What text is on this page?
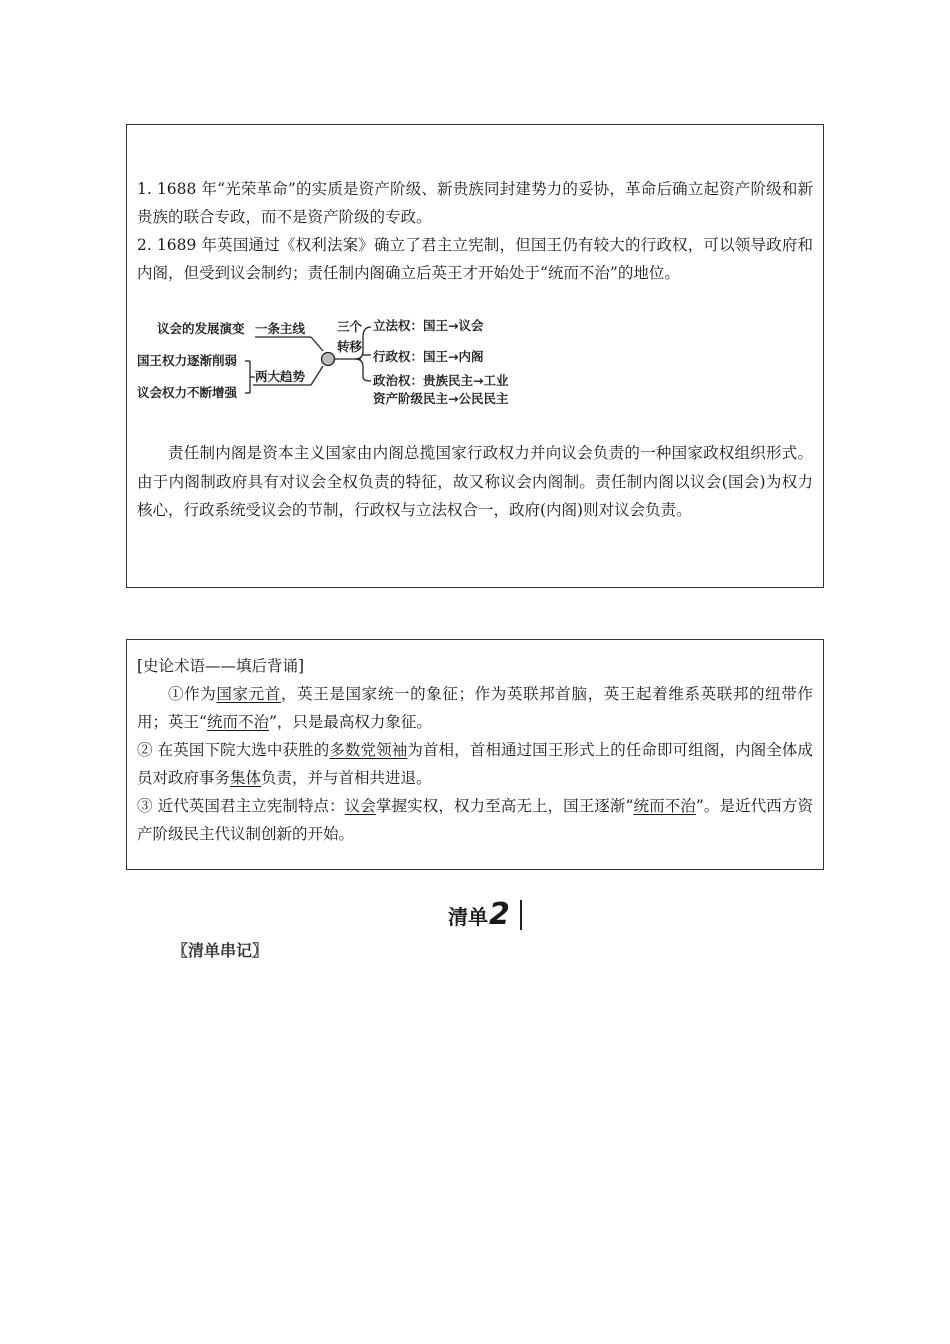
1. 1688 年“光荣革命”的实质是资产阶级、新贵族同封建势力的妥协，革命后确立起资产阶级和新贵族的联合专政，而不是资产阶级的专政。

2. 1689 年英国通过《权利法案》确立了君主立宪制，但国王仍有较大的行政权，可以领导政府和内阁，但受到议会制约；责任制内阁确立后英王才开始处于“统而不治”的地位。

议会的发展演变
国王权力逐渐削弱
议会权力不断增强
一条主线
两大趋势
三个
转移
立法权：国王→议会
行政权：国王→内阁
政治权：贵族民主→工业
资产阶级民主→公民民主

责任制内阁是资本主义国家由内阁总揽国家行政权力并向议会负责的一种国家政权组织形式。由于内阁制政府具有对议会全权负责的特征，故又称议会内阁制。责任制内阁以议会(国会)为权力核心，行政系统受议会的节制，行政权与立法权合一，政府(内阁)则对议会负责。

[史论术语——填后背诵]

①作为国家元首，英王是国家统一的象征；作为英联邦首脑，英王起着维系英联邦的纽带作用；英王“统而不治”，只是最高权力象征。

② 在英国下院大选中获胜的多数党领袖为首相，首相通过国王形式上的任命即可组阁，内阁全体成员对政府事务集体负责，并与首相共进退。

③ 近代英国君主立宪制特点：议会掌握实权，权力至高无上，国王逐渐“统而不治”。是近代西方资产阶级民主代议制创新的开始。

清单 2
〖清单串记〗
